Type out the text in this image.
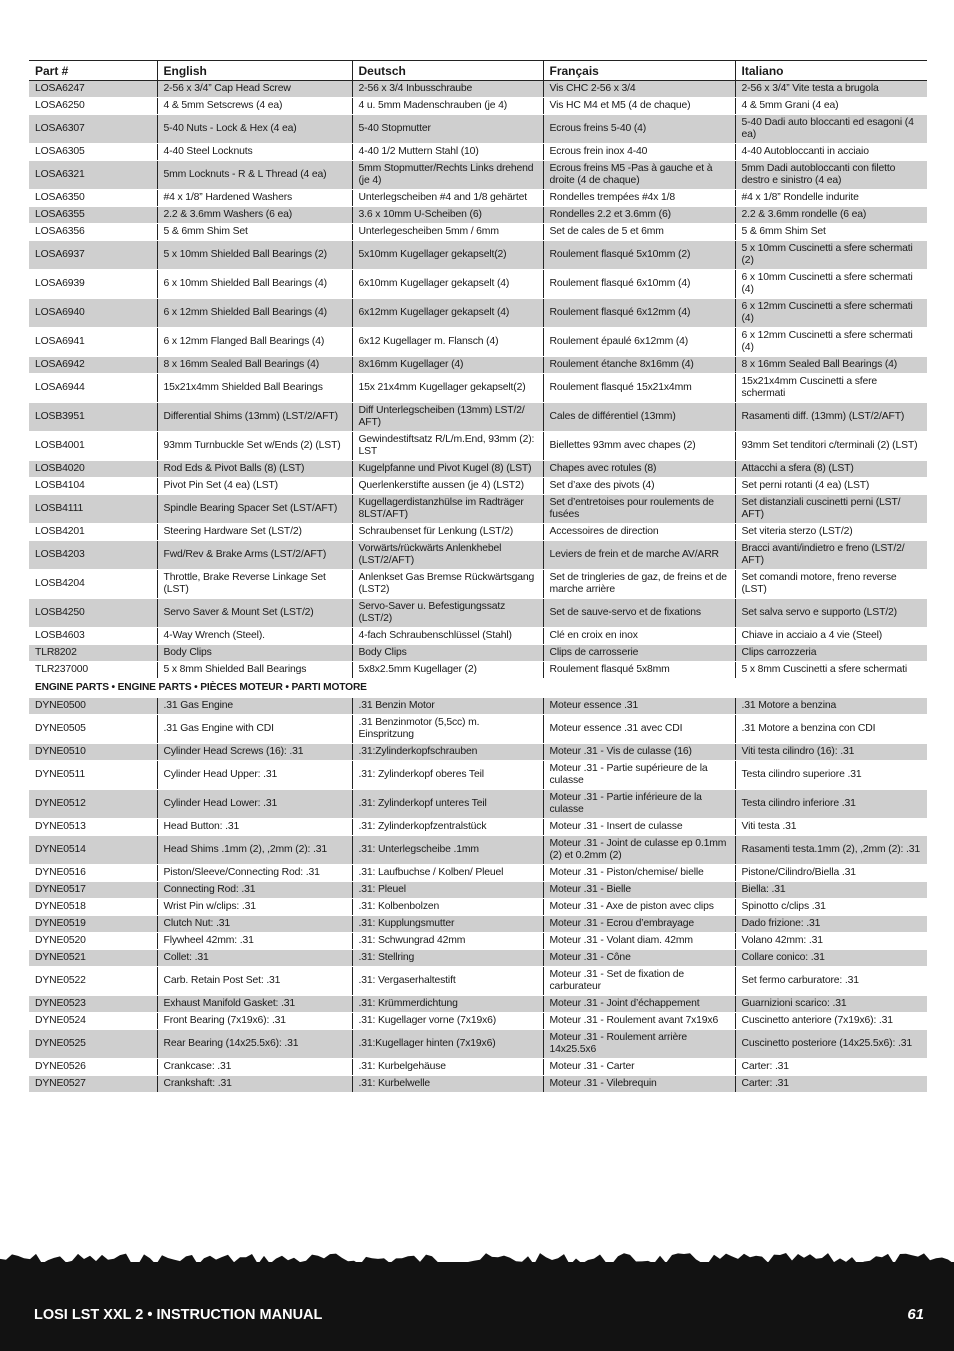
Part #	English	Deutsch	Français	Italiano
LOSA6247	2-56 x 3/4” Cap Head Screw	2-56 x 3/4 Inbusschraube	Vis CHC 2-56 x 3/4	2-56 x 3/4” Vite testa a brugola
LOSA6250	4 & 5mm Setscrews (4 ea)	4 u. 5mm Madenschrauben (je 4)	Vis HC M4 et M5 (4 de chaque)	4 & 5mm Grani (4 ea)
LOSA6307	5-40 Nuts - Lock & Hex (4 ea)	5-40 Stopmutter	Ecrous freins 5-40 (4)	5-40 Dadi auto bloccanti ed esagoni (4 ea)
LOSA6305	4-40 Steel Locknuts	4-40 1/2 Muttern Stahl (10)	Ecrous frein inox 4-40	4-40 Autobloccanti in acciaio
LOSA6321	5mm Locknuts - R & L Thread (4 ea)	5mm Stopmutter/Rechts Links drehend (je 4)	Ecrous freins M5 -Pas à gauche et à droite (4 de chaque)	5mm Dadi autobloccanti con filetto destro e sinistro (4 ea)
LOSA6350	#4 x 1/8” Hardened Washers	Unterlegscheiben #4 and 1/8 gehärtet	Rondelles trempées #4x 1/8	#4 x 1/8” Rondelle indurite
LOSA6355	2.2 & 3.6mm Washers (6 ea)	3.6 x 10mm U-Scheiben (6)	Rondelles 2.2 et 3.6mm (6)	2.2 & 3.6mm rondelle (6 ea)
LOSA6356	5 & 6mm Shim Set	Unterlegescheiben 5mm / 6mm	Set de cales de 5 et 6mm	5 & 6mm Shim Set
LOSA6937	5 x 10mm Shielded Ball Bearings (2)	5x10mm Kugellager gekapselt(2)	Roulement flasqué 5x10mm (2)	5 x 10mm Cuscinetti a sfere schermati (2)
LOSA6939	6 x 10mm Shielded Ball Bearings (4)	6x10mm Kugellager gekapselt (4)	Roulement flasqué 6x10mm (4)	6 x 10mm Cuscinetti a sfere schermati (4)
LOSA6940	6 x 12mm Shielded Ball Bearings (4)	6x12mm Kugellager gekapselt (4)	Roulement flasqué 6x12mm (4)	6 x 12mm Cuscinetti a sfere schermati (4)
LOSA6941	6 x 12mm Flanged Ball Bearings (4)	6x12 Kugellager m. Flansch (4)	Roulement épaulé 6x12mm (4)	6 x 12mm Cuscinetti a sfere schermati (4)
LOSA6942	8 x 16mm Sealed Ball Bearings (4)	8x16mm Kugellager (4)	Roulement étanche 8x16mm (4)	8 x 16mm Sealed Ball Bearings (4)
LOSA6944	15x21x4mm Shielded Ball Bearings	15x 21x4mm Kugellager gekapselt(2)	Roulement flasqué 15x21x4mm	15x21x4mm Cuscinetti a sfere schermati
LOSB3951	Differential Shims (13mm) (LST/2/AFT)	Diff Unterlegscheiben (13mm) LST/2/ AFT)	Cales de différentiel (13mm)	Rasamenti diff. (13mm) (LST/2/AFT)
LOSB4001	93mm Turnbuckle Set w/Ends (2) (LST)	Gewindestiftsatz R/L/m.End, 93mm (2): LST	Biellettes 93mm avec chapes (2)	93mm Set tenditori c/terminali (2) (LST)
LOSB4020	Rod Eds & Pivot Balls (8) (LST)	Kugelpfanne und Pivot Kugel (8) (LST)	Chapes avec rotules (8)	Attacchi a sfera (8) (LST)
LOSB4104	Pivot Pin Set (4 ea) (LST)	Querlenkerstifte aussen (je 4) (LST2)	Set d’axe des pivots (4)	Set perni rotanti (4 ea) (LST)
LOSB4111	Spindle Bearing Spacer Set (LST/AFT)	Kugellagerdistanzhülse im Radträger 8LST/AFT)	Set d’entretoises pour roulements de fusées	Set distanziali cuscinetti perni (LST/ AFT)
LOSB4201	Steering Hardware Set (LST/2)	Schraubenset für Lenkung (LST/2)	Accessoires de direction	Set viteria sterzo (LST/2)
LOSB4203	Fwd/Rev & Brake Arms (LST/2/AFT)	Vorwärts/rückwärts Anlenkhebel (LST/2/AFT)	Leviers de frein et de marche AV/ARR	Bracci avanti/indietro e freno (LST/2/ AFT)
LOSB4204	Throttle, Brake Reverse Linkage Set (LST)	Anlenkset Gas Bremse Rückwärtsgang (LST2)	Set de tringleries de gaz, de freins et de marche arrière	Set comandi motore, freno reverse (LST)
LOSB4250	Servo Saver & Mount Set (LST/2)	Servo-Saver u. Befestigungssatz (LST/2)	Set de sauve-servo et de fixations	Set salva servo e supporto (LST/2)
LOSB4603	4-Way Wrench (Steel).	4-fach Schraubenschlüssel (Stahl)	Clé en croix en inox	Chiave in acciaio a 4 vie (Steel)
TLR8202	Body Clips	Body Clips	Clips de carrosserie	Clips carrozzeria
TLR237000	5 x 8mm Shielded Ball Bearings	5x8x2.5mm Kugellager (2)	Roulement flasqué 5x8mm	5 x 8mm Cuscinetti a sfere schermati
ENGINE PARTS • ENGINE PARTS • PIÈCES MOTEUR • PARTI MOTORE				
DYNE0500	.31 Gas Engine	.31 Benzin Motor	Moteur essence .31	.31 Motore a benzina
DYNE0505	.31 Gas Engine with CDI	.31 Benzinmotor (5,5cc) m. Einspritzung	Moteur essence .31 avec CDI	.31 Motore a benzina con CDI
DYNE0510	Cylinder Head Screws (16): .31	.31:Zylinderkopfschrauben	Moteur .31 - Vis de culasse (16)	Viti testa cilindro (16): .31
DYNE0511	Cylinder Head Upper: .31	.31: Zylinderkopf oberes Teil	Moteur .31 - Partie supérieure de la culasse	Testa cilindro superiore .31
DYNE0512	Cylinder Head Lower: .31	.31: Zylinderkopf unteres Teil	Moteur .31 - Partie inférieure de la culasse	Testa cilindro inferiore .31
DYNE0513	Head Button: .31	.31: Zylinderkopfzentralstück	Moteur .31 - Insert de culasse	Viti testa .31
DYNE0514	Head Shims .1mm (2), ,2mm (2): .31	.31: Unterlegscheibe .1mm	Moteur .31 - Joint de culasse ep 0.1mm (2) et 0.2mm (2)	Rasamenti testa.1mm (2), ,2mm (2): .31
DYNE0516	Piston/Sleeve/Connecting Rod: .31	.31: Laufbuchse / Kolben/ Pleuel	Moteur .31 - Piston/chemise/ bielle	Pistone/Cilindro/Biella .31
DYNE0517	Connecting Rod: .31	.31: Pleuel	Moteur .31 - Bielle	Biella: .31
DYNE0518	Wrist Pin w/clips: .31	.31: Kolbenbolzen	Moteur .31 - Axe de piston avec clips	Spinotto c/clips .31
DYNE0519	Clutch Nut: .31	.31: Kupplungsmutter	Moteur .31 - Ecrou d’embrayage	Dado frizione: .31
DYNE0520	Flywheel 42mm: .31	.31: Schwungrad 42mm	Moteur .31 - Volant diam. 42mm	Volano 42mm: .31
DYNE0521	Collet: .31	.31: Stellring	Moteur .31 - Cône	Collare conico: .31
DYNE0522	Carb. Retain Post Set: .31	.31: Vergaserhaltestift	Moteur .31 - Set de fixation de carburateur	Set fermo carburatore: .31
DYNE0523	Exhaust Manifold Gasket: .31	.31: Krümmerdichtung	Moteur .31 - Joint d’échappement	Guarnizioni scarico: .31
DYNE0524	Front Bearing (7x19x6): .31	.31: Kugellager vorne (7x19x6)	Moteur .31 - Roulement avant 7x19x6	Cuscinetto anteriore (7x19x6): .31
DYNE0525	Rear Bearing (14x25.5x6): .31	.31:Kugellager hinten (7x19x6)	Moteur .31 - Roulement arrière 14x25.5x6	Cuscinetto posteriore (14x25.5x6): .31
DYNE0526	Crankcase: .31	.31: Kurbelgehäuse	Moteur .31 - Carter	Carter: .31
DYNE0527	Crankshaft: .31	.31: Kurbelwelle	Moteur .31 - Vilebrequin	Carter: .31
LOSI LST XXL 2 • INSTRUCTION MANUAL	61
